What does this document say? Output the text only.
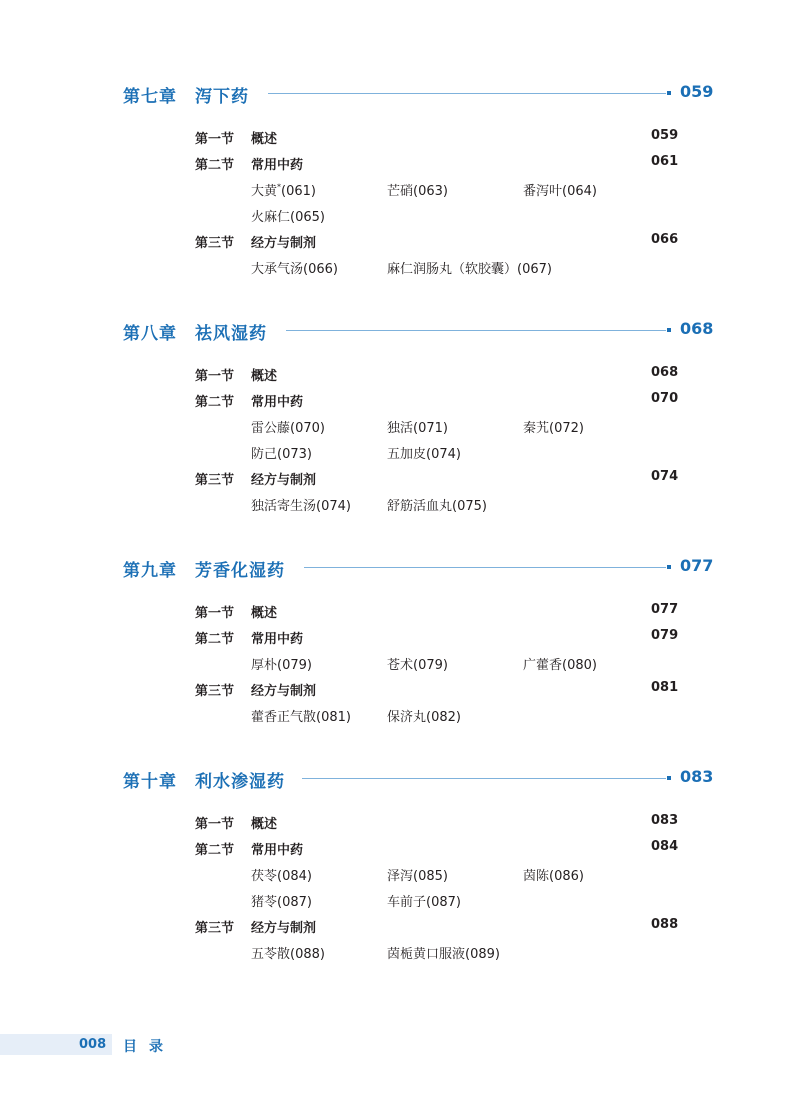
第七章 泻下药	059
第一节 概述	059
第二节 常用中药	061
大黄*(061)	芒硝(063)	番泻叶(064)
火麻仁(065)
第三节 经方与制剂	066
大承气汤(066)	麻仁润肠丸（软胶囊）(067)
第八章 祛风湿药	068
第一节 概述	068
第二节 常用中药	070
雷公藤(070)	独活(071)	秦艽(072)
防己(073)	五加皮(074)
第三节 经方与制剂	074
独活寄生汤(074)	舒筋活血丸(075)
第九章 芳香化湿药	077
第一节 概述	077
第二节 常用中药	079
厚朴(079)	苍术(079)	广藿香(080)
第三节 经方与制剂	081
藿香正气散(081)	保济丸(082)
第十章 利水渗湿药	083
第一节 概述	083
第二节 常用中药	084
茯苓(084)	泽泻(085)	茵陈(086)
猪苓(087)	车前子(087)
第三节 经方与制剂	088
五苓散(088)	茵栀黄口服液(089)
008 目录
